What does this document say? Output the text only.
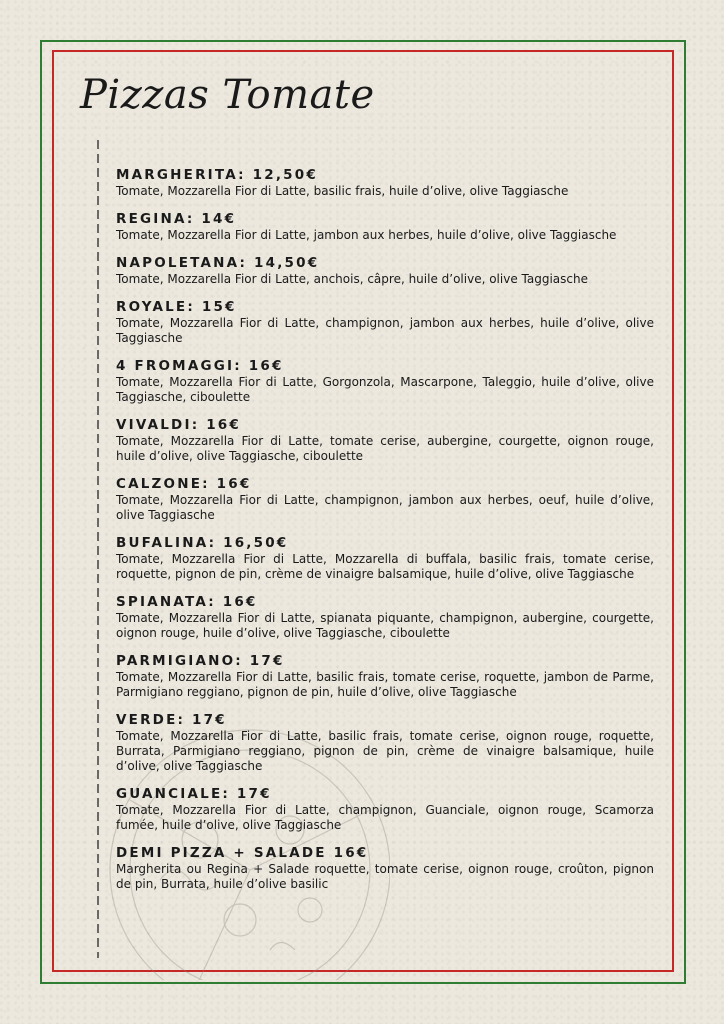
Pizzas Tomate
MARGHERITA: 12,50€
Tomate, Mozzarella Fior di Latte, basilic frais, huile d’olive, olive Taggiasche
REGINA: 14€
Tomate, Mozzarella Fior di Latte, jambon aux herbes, huile d’olive, olive Taggiasche
NAPOLETANA: 14,50€
Tomate, Mozzarella Fior di Latte, anchois, câpre, huile d’olive, olive Taggiasche
ROYALE: 15€
Tomate, Mozzarella Fior di Latte, champignon, jambon aux herbes, huile d’olive, olive Taggiasche
4 FROMAGGI: 16€
Tomate, Mozzarella Fior di Latte, Gorgonzola, Mascarpone, Taleggio, huile d’olive, olive Taggiasche, ciboulette
VIVALDI: 16€
Tomate, Mozzarella Fior di Latte, tomate cerise, aubergine, courgette, oignon rouge, huile d’olive, olive Taggiasche, ciboulette
CALZONE: 16€
Tomate, Mozzarella Fior di Latte, champignon, jambon aux herbes, oeuf, huile d’olive, olive Taggiasche
BUFALINA: 16,50€
Tomate, Mozzarella Fior di Latte, Mozzarella di buffala, basilic frais, tomate cerise, roquette, pignon de pin, crème de vinaigre balsamique, huile d’olive, olive Taggiasche
SPIANATA: 16€
Tomate, Mozzarella Fior di Latte, spianata piquante, champignon, aubergine, courgette, oignon rouge, huile d’olive, olive Taggiasche, ciboulette
PARMIGIANO: 17€
Tomate, Mozzarella Fior di Latte, basilic frais, tomate cerise, roquette, jambon de Parme, Parmigiano reggiano, pignon de pin, huile d’olive, olive Taggiasche
VERDE: 17€
Tomate, Mozzarella Fior di Latte, basilic frais, tomate cerise, oignon rouge, roquette, Burrata, Parmigiano reggiano, pignon de pin, crème de vinaigre balsamique, huile d’olive, olive Taggiasche
GUANCIALE: 17€
Tomate, Mozzarella Fior di Latte, champignon, Guanciale, oignon rouge, Scamorza fumée, huile d’olive, olive Taggiasche
DEMI PIZZA + SALADE 16€
Margherita ou Regina + Salade roquette, tomate cerise, oignon rouge, croûton, pignon de pin, Burrata, huile d’olive basilic
